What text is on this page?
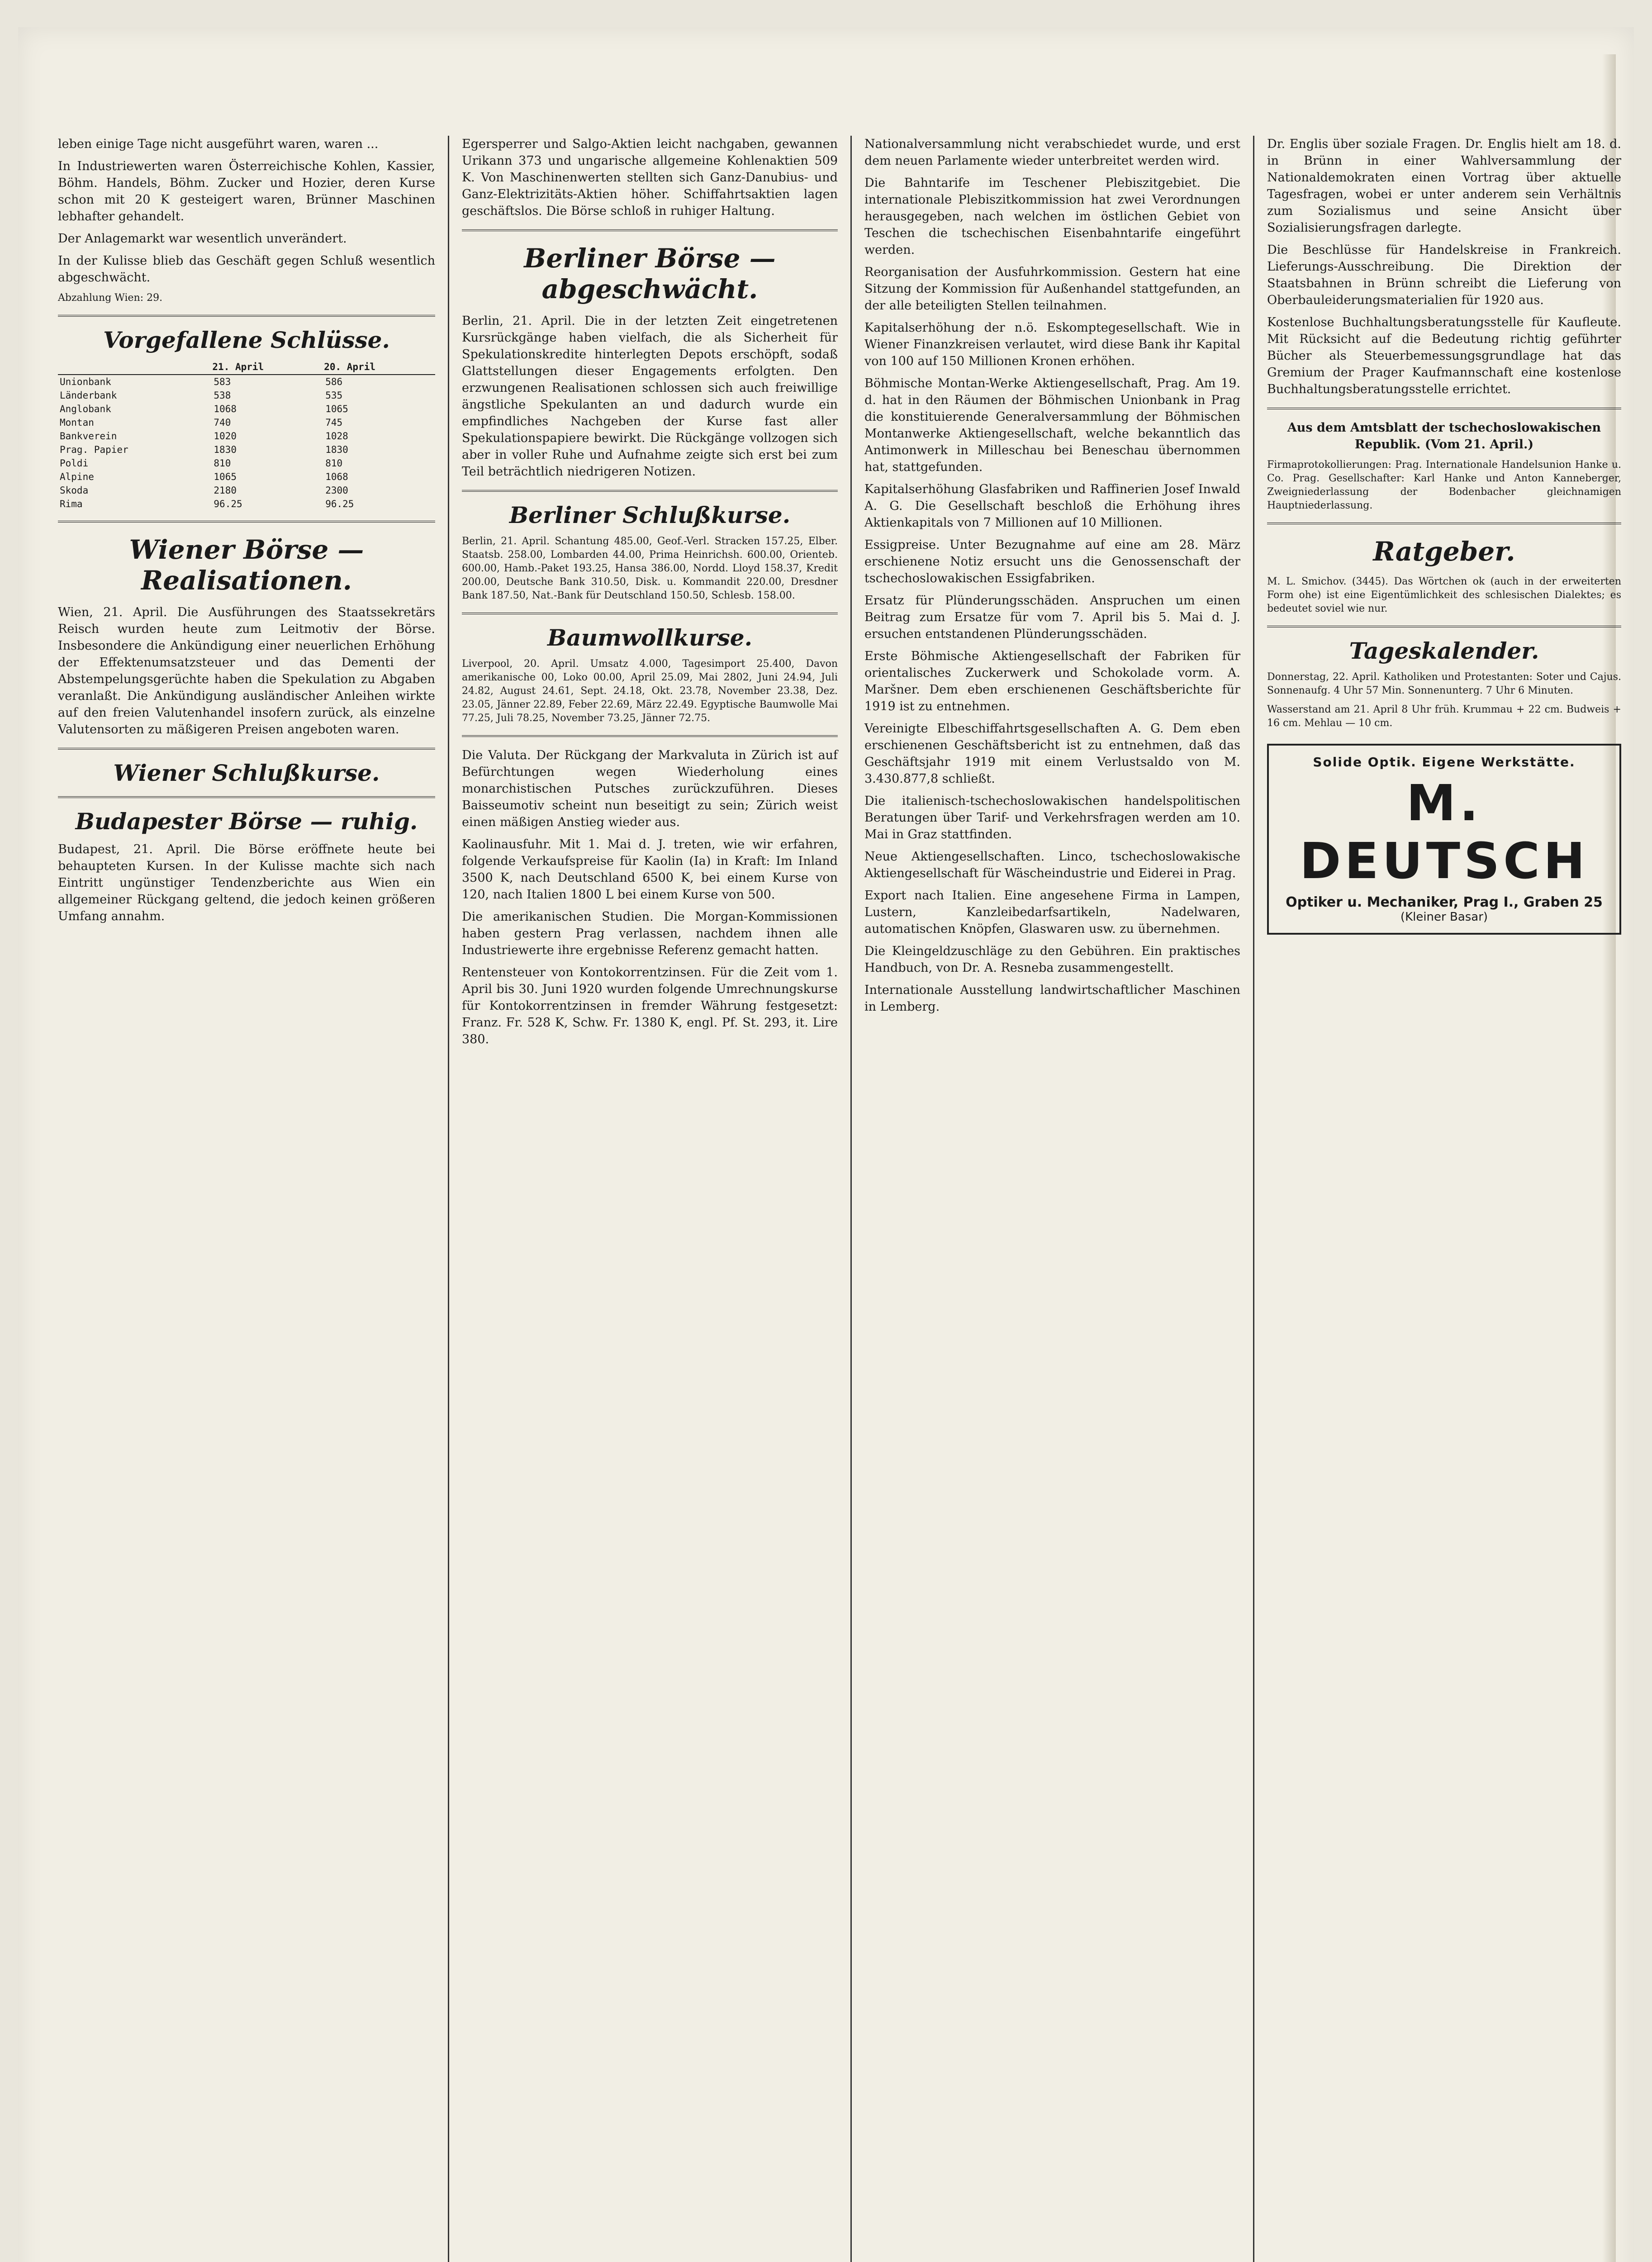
leben einige Tage nicht ausgeführt waren, waren ...

In Industriewerten waren Österreichische Kohlen, Kassier, Böhm. Handels, Böhm. Zucker und Hozier, deren Kurse schon mit 20 K gesteigert waren, Brünner Maschinen lebhafter gehandelt.

Der Anlagemarkt war wesentlich unverändert.

In der Kulisse blieb das Geschäft gegen Schluß wesentlich abgeschwächt.

Abzahlung Wien: 29.

Vorgefallene Schlüsse.
	21. April	20. April
Unionbank	583	586
Länderbank	538	535
Anglobank	1068	1065
Montan	740	745
Bankverein	1020	1028
Prag. Papier	1830	1830
Poldi	810	810
Alpine	1065	1068
Skoda	2180	2300
Rima	96.25	96.25
Wiener Börse — Realisationen.

Wien, 21. April. Die Ausführungen des Staatssekretärs Reisch wurden heute zum Leitmotiv der Börse. Insbesondere die Ankündigung einer neuerlichen Erhöhung der Effektenumsatzsteuer und das Dementi der Abstempelungsgerüchte haben die Spekulation zu Abgaben veranlaßt. Die Ankündigung ausländischer Anleihen wirkte auf den freien Valutenhandel insofern zurück, als einzelne Valutensorten zu mäßigeren Preisen angeboten waren.

Wiener Schlußkurse.
Budapester Börse — ruhig.

Budapest, 21. April. Die Börse eröffnete heute bei behaupteten Kursen. In der Kulisse machte sich nach Eintritt ungünstiger Tendenzberichte aus Wien ein allgemeiner Rückgang geltend, die jedoch keinen größeren Umfang annahm.

Egersperrer und Salgo-Aktien leicht nachgaben, gewannen Urikann 373 und ungarische allgemeine Kohlenaktien 509 K. Von Maschinenwerten stellten sich Ganz-Danubius- und Ganz-Elektrizitäts-Aktien höher. Schiffahrtsaktien lagen geschäftslos. Die Börse schloß in ruhiger Haltung.

Berliner Börse — abgeschwächt.

Berlin, 21. April. Die in der letzten Zeit eingetretenen Kursrückgänge haben vielfach, die als Sicherheit für Spekulationskredite hinterlegten Depots erschöpft, sodaß Glattstellungen dieser Engagements erfolgten. Den erzwungenen Realisationen schlossen sich auch freiwillige ängstliche Spekulanten an und dadurch wurde ein empfindliches Nachgeben der Kurse fast aller Spekulationspapiere bewirkt. Die Rückgänge vollzogen sich aber in voller Ruhe und Aufnahme zeigte sich erst bei zum Teil beträchtlich niedrigeren Notizen.

Berliner Schlußkurse.

Berlin, 21. April. Schantung 485.00, Geof.-Verl. Stracken 157.25, Elber. Staatsb. 258.00, Lombarden 44.00, Prima Heinrichsh. 600.00, Orienteb. 600.00, Hamb.-Paket 193.25, Hansa 386.00, Nordd. Lloyd 158.37, Kredit 200.00, Deutsche Bank 310.50, Disk. u. Kommandit 220.00, Dresdner Bank 187.50, Nat.-Bank für Deutschland 150.50, Schlesb. 158.00.

Baumwollkurse.

Liverpool, 20. April. Umsatz 4.000, Tagesimport 25.400, Davon amerikanische 00, Loko 00.00, April 25.09, Mai 2802, Juni 24.94, Juli 24.82, August 24.61, Sept. 24.18, Okt. 23.78, November 23.38, Dez. 23.05, Jänner 22.89, Feber 22.69, März 22.49. Egyptische Baumwolle Mai 77.25, Juli 78.25, November 73.25, Jänner 72.75.

Die Valuta. Der Rückgang der Markvaluta in Zürich ist auf Befürchtungen wegen Wiederholung eines monarchistischen Putsches zurückzuführen. Dieses Baisseumotiv scheint nun beseitigt zu sein; Zürich weist einen mäßigen Anstieg wieder aus.

Kaolinausfuhr. Mit 1. Mai d. J. treten, wie wir erfahren, folgende Verkaufspreise für Kaolin (Ia) in Kraft: Im Inland 3500 K, nach Deutschland 6500 K, bei einem Kurse von 120, nach Italien 1800 L bei einem Kurse von 500.

Die amerikanischen Studien. Die Morgan-Kommissionen haben gestern Prag verlassen, nachdem ihnen alle Industriewerte ihre ergebnisse Referenz gemacht hatten.

Rentensteuer von Kontokorrentzinsen. Für die Zeit vom 1. April bis 30. Juni 1920 wurden folgende Umrechnungskurse für Kontokorrentzinsen in fremder Währung festgesetzt: Franz. Fr. 528 K, Schw. Fr. 1380 K, engl. Pf. St. 293, it. Lire 380.

Nationalversammlung nicht verabschiedet wurde, und erst dem neuen Parlamente wieder unterbreitet werden wird.

Die Bahntarife im Teschener Plebiszitgebiet. Die internationale Plebiszitkommission hat zwei Verordnungen herausgegeben, nach welchen im östlichen Gebiet von Teschen die tschechischen Eisenbahntarife eingeführt werden.

Reorganisation der Ausfuhrkommission. Gestern hat eine Sitzung der Kommission für Außenhandel stattgefunden, an der alle beteiligten Stellen teilnahmen.

Kapitalserhöhung der n.ö. Eskomptegesellschaft. Wie in Wiener Finanzkreisen verlautet, wird diese Bank ihr Kapital von 100 auf 150 Millionen Kronen erhöhen.

Böhmische Montan-Werke Aktiengesellschaft, Prag. Am 19. d. hat in den Räumen der Böhmischen Unionbank in Prag die konstituierende Generalversammlung der Böhmischen Montanwerke Aktiengesellschaft, welche bekanntlich das Antimonwerk in Milleschau bei Beneschau übernommen hat, stattgefunden.

Kapitalserhöhung Glasfabriken und Raffinerien Josef Inwald A. G. Die Gesellschaft beschloß die Erhöhung ihres Aktienkapitals von 7 Millionen auf 10 Millionen.

Essigpreise. Unter Bezugnahme auf eine am 28. März erschienene Notiz ersucht uns die Genossenschaft der tschechoslowakischen Essigfabriken.

Ersatz für Plünderungsschäden. Anspruchen um einen Beitrag zum Ersatze für vom 7. April bis 5. Mai d. J. ersuchen entstandenen Plünderungsschäden.

Erste Böhmische Aktiengesellschaft der Fabriken für orientalisches Zuckerwerk und Schokolade vorm. A. Maršner. Dem eben erschienenen Geschäftsberichte für 1919 ist zu entnehmen.

Vereinigte Elbeschiffahrtsgesellschaften A. G. Dem eben erschienenen Geschäftsbericht ist zu entnehmen, daß das Geschäftsjahr 1919 mit einem Verlustsaldo von M. 3.430.877,8 schließt.

Die italienisch-tschechoslowakischen handelspolitischen Beratungen über Tarif- und Verkehrsfragen werden am 10. Mai in Graz stattfinden.

Neue Aktiengesellschaften. Linco, tschechoslowakische Aktiengesellschaft für Wäscheindustrie und Eiderei in Prag.

Export nach Italien. Eine angesehene Firma in Lampen, Lustern, Kanzleibedarfsartikeln, Nadelwaren, automatischen Knöpfen, Glaswaren usw. zu übernehmen.

Die Kleingeldzuschläge zu den Gebühren. Ein praktisches Handbuch, von Dr. A. Resneba zusammengestellt.

Internationale Ausstellung landwirtschaftlicher Maschinen in Lemberg.

Dr. Englis über soziale Fragen. Dr. Englis hielt am 18. d. in Brünn in einer Wahlversammlung der Nationaldemokraten einen Vortrag über aktuelle Tagesfragen, wobei er unter anderem sein Verhältnis zum Sozialismus und seine Ansicht über Sozialisierungsfragen darlegte.

Die Beschlüsse für Handelskreise in Frankreich. Lieferungs-Ausschreibung. Die Direktion der Staatsbahnen in Brünn schreibt die Lieferung von Oberbauleiderungsmaterialien für 1920 aus.

Kostenlose Buchhaltungsberatungsstelle für Kaufleute. Mit Rücksicht auf die Bedeutung richtig geführter Bücher als Steuerbemessungsgrundlage hat das Gremium der Prager Kaufmannschaft eine kostenlose Buchhaltungsberatungsstelle errichtet.

Aus dem Amtsblatt der tschechoslowakischen Republik. (Vom 21. April.)

Firmaprotokollierungen: Prag. Internationale Handelsunion Hanke u. Co. Prag. Gesellschafter: Karl Hanke und Anton Kanneberger, Zweigniederlassung der Bodenbacher gleichnamigen Hauptniederlassung.

Ratgeber.

M. L. Smichov. (3445). Das Wörtchen ok (auch in der erweiterten Form ohe) ist eine Eigentümlichkeit des schlesischen Dialektes; es bedeutet soviel wie nur.

Tageskalender.

Donnerstag, 22. April. Katholiken und Protestanten: Soter und Cajus. Sonnenaufg. 4 Uhr 57 Min. Sonnenunterg. 7 Uhr 6 Minuten.

Wasserstand am 21. April 8 Uhr früh. Krummau + 22 cm. Budweis + 16 cm. Mehlau — 10 cm.

Solide Optik. Eigene Werkstätte.
M. DEUTSCH
Optiker u. Mechaniker, Prag I., Graben 25
(Kleiner Basar)
